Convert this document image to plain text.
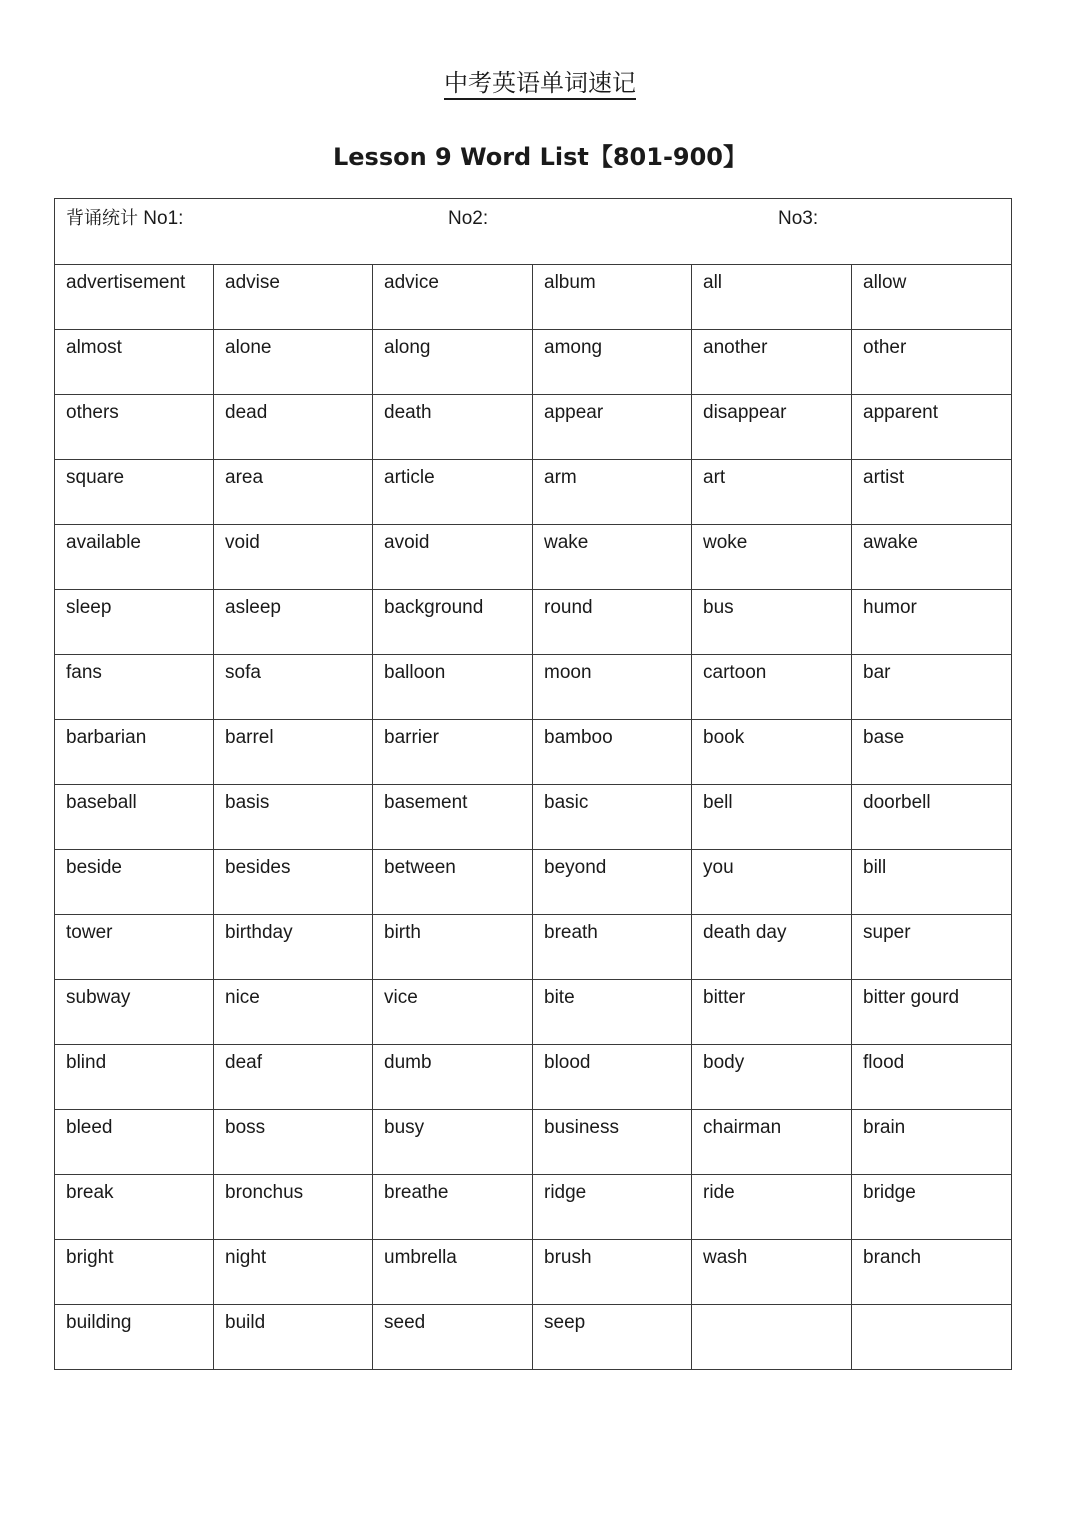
中考英语单词速记
Lesson 9 Word List【801-900】
背诵统计 No1: No2: No3:					

advertisement	advise	advice	album	all	allow
almost	alone	along	among	another	other
others	dead	death	appear	disappear	apparent
square	area	article	arm	art	artist
available	void	avoid	wake	woke	awake
sleep	asleep	background	round	bus	humor
fans	sofa	balloon	moon	cartoon	bar
barbarian	barrel	barrier	bamboo	book	base
baseball	basis	basement	basic	bell	doorbell
beside	besides	between	beyond	you	bill
tower	birthday	birth	breath	death day	super
subway	nice	vice	bite	bitter	bitter gourd
blind	deaf	dumb	blood	body	flood
bleed	boss	busy	business	chairman	brain
break	bronchus	breathe	ridge	ride	bridge
bright	night	umbrella	brush	wash	branch
building	build	seed	seep		
